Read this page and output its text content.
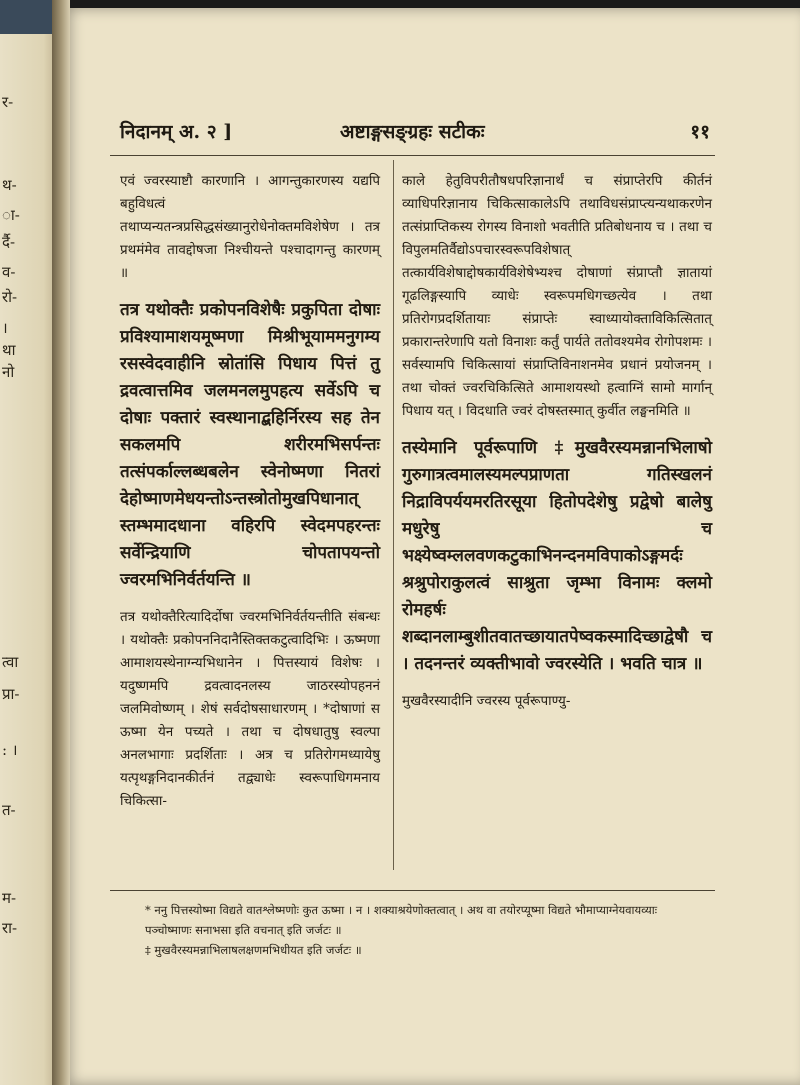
र-
थ-
ा-
र्दै-
व-
रो-
।
था
नो
त्वा
प्रा-
: ।
त-
म-
रा-
निदानम् अ. २ ]	अष्टाङ्गसङ्ग्रहः सटीकः	११

एवं ज्वरस्याष्टौ कारणानि । आगन्तुकारणस्य यद्यपि बहुविधत्वं तथाप्यन्यतन्त्रप्रसिद्धसंख्यानुरोधेनोक्तमविशेषेण । तत्र प्रथमंमेव तावद्दोषजा निश्चीयन्ते पश्चादागन्तु कारणम् ॥

तत्र यथोक्तैः प्रकोपनविशेषैः प्रकुपिता दोषाः प्रविश्यामाशयमूष्मणा मिश्रीभूयाममनुगम्य रसस्वेदवाहीनि स्रोतांसि पिधाय पित्तं तु द्रवत्वात्तमिव जलमनलमुपहत्य सर्वेऽपि च दोषाः पक्तारं स्वस्थानाद्बहिर्निरस्य सह तेन सकलमपि शरीरमभिसर्पन्तः तत्संपर्काल्लब्धबलेन स्वेनोष्मणा नितरां देहोष्माणमेधयन्तोऽन्तस्त्रोतोमुखपिधानात् स्तम्भमादधाना वहिरपि स्वेदमपहरन्तः सर्वेन्द्रियाणि चोपतापयन्तो ज्वरमभिनिर्वर्तयन्ति ॥

तत्र यथोक्तैरित्यादिर्दोषा ज्वरमभिनिर्वर्तयन्तीति संबन्धः । यथोक्तैः प्रकोपननिदानैस्तिक्तकटुत्वादिभिः । ऊष्मणा आमाशयस्थेनाग्न्यभिधानेन । पित्तस्यायं विशेषः । यदुष्णमपि द्रवत्वादनलस्य जाठरस्योपहननं जलमिवोष्णम् । शेषं सर्वदोषसाधारणम् । *दोषाणां स ऊष्मा येन पच्यते । तथा च दोषधातुषु स्वल्पा अनलभागाः प्रदर्शिताः । अत्र च प्रतिरोगमध्यायेषु यत्पृथङ्गनिदानकीर्तनं तद्व्याधेः स्वरूपाधिगमनाय चिकित्सा-

काले हेतुविपरीतौषधपरिज्ञानार्थं च संप्राप्तेरपि कीर्तनं व्याधिपरिज्ञानाय चिकित्साकालेऽपि तथाविधसंप्राप्त्यन्यथाकरणेन तत्संप्राप्तिकस्य रोगस्य विनाशो भवतीति प्रतिबोधनाय च । तथा च विपुलमतिर्वैद्योऽपचारस्वरूपविशेषात् तत्कार्यविशेषाद्दोषकार्यविशेषेभ्यश्च दोषाणां संप्राप्तौ ज्ञातायां गूढलिङ्गस्यापि व्याधेः स्वरूपमधिगच्छत्येव । तथा प्रतिरोगप्रदर्शितायाः संप्राप्तेः स्वाध्यायोक्ताविकित्सितात् प्रकारान्तरेणापि यतो विनाशः कर्तुं पार्यते ततोवश्यमेव रोगोपशमः । सर्वस्यामपि चिकित्सायां संप्राप्तिविनाशनमेव प्रधानं प्रयोजनम् । तथा चोक्तं ज्वरचिकित्सिते आमाशयस्थो हत्वाग्निं सामो मार्गान् पिधाय यत् । विदधाति ज्वरं दोषस्तस्मात् कुर्वीत लङ्घनमिति ॥

तस्येमानि पूर्वरूपाणि ‡मुखवैरस्यमन्नानभिलाषो गुरुगात्रत्वमालस्यमल्पप्राणता गतिस्खलनं निद्राविपर्ययमरतिरसूया हितोपदेशेषु प्रद्वेषो बालेषु मधुरेषु च भक्ष्येष्वम्ललवणकटुकाभिनन्दनमविपाकोऽङ्गमर्दः श्रश्रुपोराकुलत्वं साश्रुता जृम्भा विनामः क्लमो रोमहर्षः शब्दानलाम्बुशीतवातच्छायातपेष्वकस्मादिच्छाद्वेषौ च । तदनन्तरं व्यक्तीभावो ज्वरस्येति । भवति चात्र ॥

मुखवैरस्यादीनि ज्वरस्य पूर्वरूपाण्यु-

* ननु पित्तस्योष्मा विद्यते वातश्लेष्मणोः कुत ऊष्मा । न । शक्याश्रयेणोक्तत्वात् । अथ वा तयोरप्यूष्मा विद्यते भौमाप्याग्नेयवायव्याः पञ्चोष्माणः सनाभसा इति वचनात् इति जर्जटः ॥

‡ मुखवैरस्यमन्नाभिलाषलक्षणमभिधीयत इति जर्जटः ॥
